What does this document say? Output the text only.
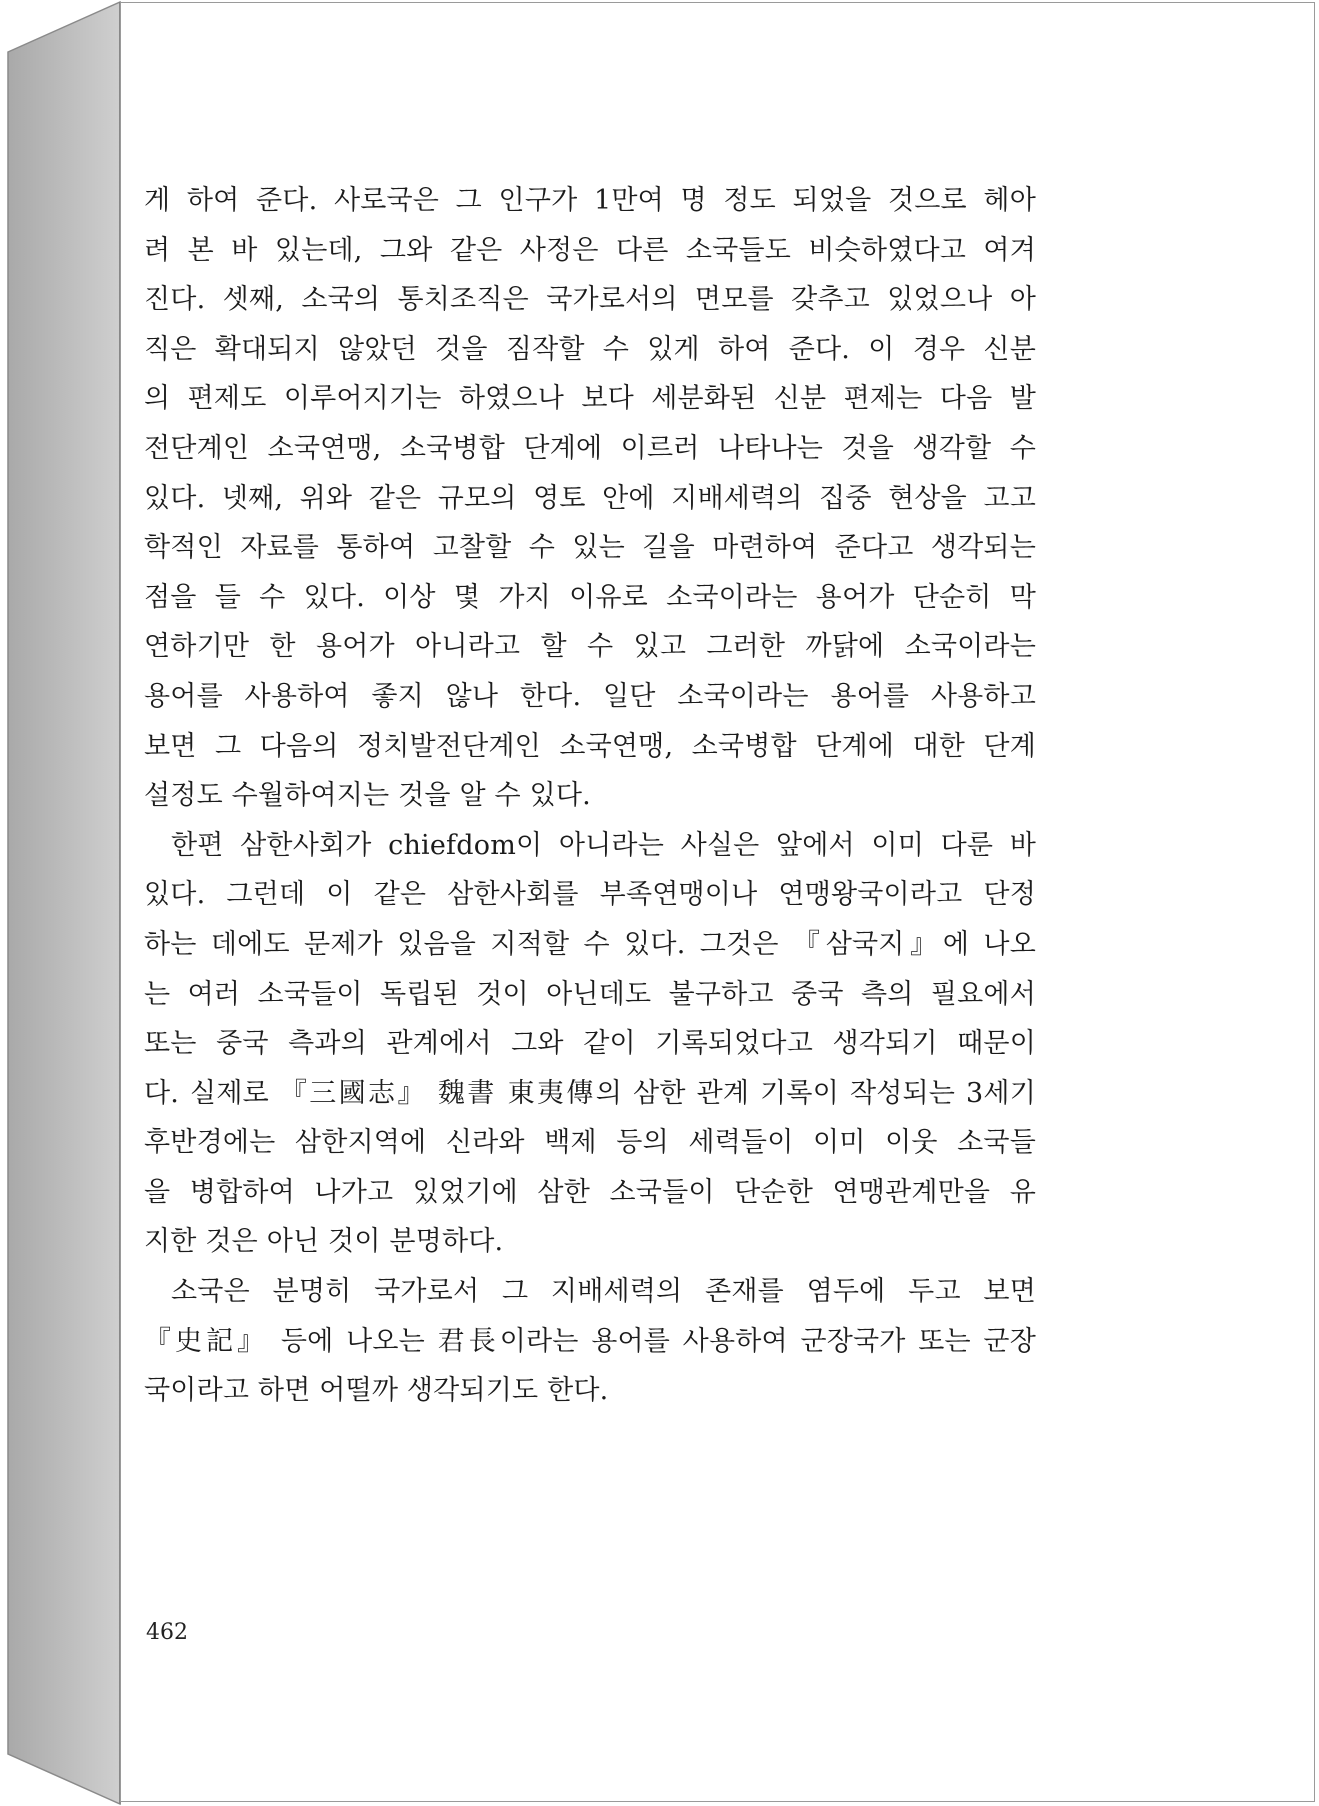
게 하여 준다. 사로국은 그 인구가 1만여 명 정도 되었을 것으로 헤아
려 본 바 있는데, 그와 같은 사정은 다른 소국들도 비슷하였다고 여겨
진다. 셋째, 소국의 통치조직은 국가로서의 면모를 갖추고 있었으나 아
직은 확대되지 않았던 것을 짐작할 수 있게 하여 준다. 이 경우 신분
의 편제도 이루어지기는 하였으나 보다 세분화된 신분 편제는 다음 발
전단계인 소국연맹, 소국병합 단계에 이르러 나타나는 것을 생각할 수
있다. 넷째, 위와 같은 규모의 영토 안에 지배세력의 집중 현상을 고고
학적인 자료를 통하여 고찰할 수 있는 길을 마련하여 준다고 생각되는
점을 들 수 있다. 이상 몇 가지 이유로 소국이라는 용어가 단순히 막
연하기만 한 용어가 아니라고 할 수 있고 그러한 까닭에 소국이라는
용어를 사용하여 좋지 않나 한다. 일단 소국이라는 용어를 사용하고
보면 그 다음의 정치발전단계인 소국연맹, 소국병합 단계에 대한 단계
설정도 수월하여지는 것을 알 수 있다.
한편 삼한사회가 chiefdom이 아니라는 사실은 앞에서 이미 다룬 바
있다. 그런데 이 같은 삼한사회를 부족연맹이나 연맹왕국이라고 단정
하는 데에도 문제가 있음을 지적할 수 있다. 그것은 『삼국지』에 나오
는 여러 소국들이 독립된 것이 아닌데도 불구하고 중국 측의 필요에서
또는 중국 측과의 관계에서 그와 같이 기록되었다고 생각되기 때문이
다. 실제로 『三國志』 魏書 東夷傳의 삼한 관계 기록이 작성되는 3세기
후반경에는 삼한지역에 신라와 백제 등의 세력들이 이미 이웃 소국들
을 병합하여 나가고 있었기에 삼한 소국들이 단순한 연맹관계만을 유
지한 것은 아닌 것이 분명하다.
소국은 분명히 국가로서 그 지배세력의 존재를 염두에 두고 보면
『史記』 등에 나오는 君長이라는 용어를 사용하여 군장국가 또는 군장
국이라고 하면 어떨까 생각되기도 한다.
462
